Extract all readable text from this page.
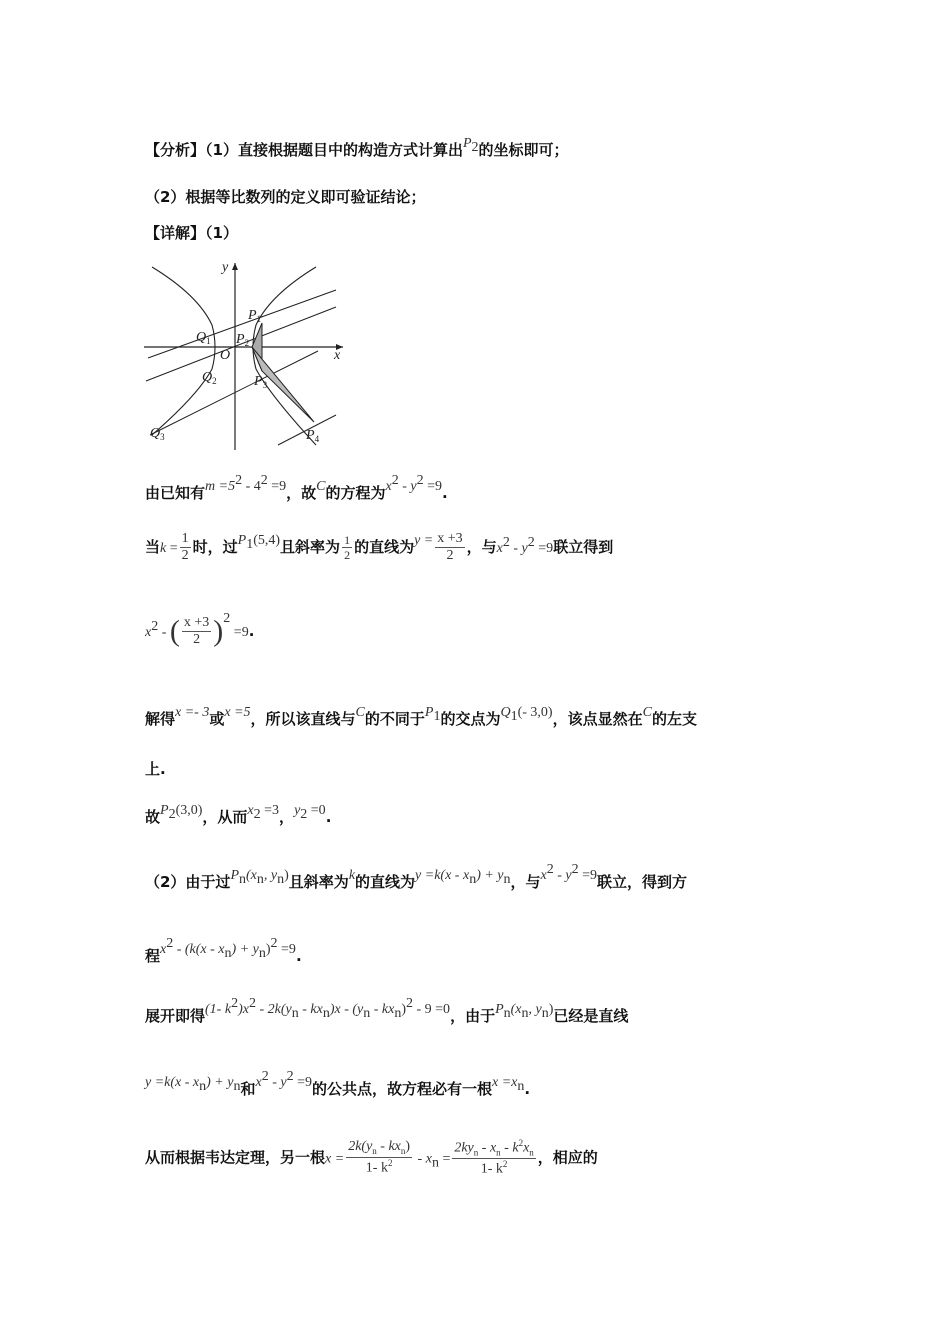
【分析】（1）直接根据题目中的构造方式计算出$P_2$的坐标即可；
（2）根据等比数列的定义即可验证结论；
【详解】（1）
y
x
O
$P_1$
$P_2$
$P_3$
$P_4$
$Q_1$
$Q_2$
$Q_3$
由已知有$m =5^2 - 4^2 =9$，故C的方程为$x^2 - y^2 =9$.
当$k = \frac{1}{2}$ 时，过$P_1(5,4)$且斜率为 $\frac{1}{2}$ 的直线为$y = \frac{x +3}{2}$ ，与$x^2 - y^2 =9$联立得到
$x^2$ - ( $\frac{x +3}{2} )^2 =9$.
解得x =- 3或x =5，所以该直线与C的不同于$P_1$的交点为$Q_1(-$ 3,0)，该点显然在C的左支
上.
故$P_2(3,0)$，从而$x_2 =3$，$y_2 =0$.
（2）由于过$P_n(x_n$, $y_n$)且斜率为k的直线为$y =k(x - x_n) + y_n$，与$x^2 - y^2 =9$联立，得到方
程$x^2 - (k(x - x_n) + y_n)^2 =9$.
展开即得(1- $k^2)x^2 - 2k(y_n - kx_n)x - (y_n - kx_n)^2 - 9 =0$，由于$P_n(x_n$, $y_n$)已经是直线
$y =k(x - x_n) + y_n$和$x^2 - y^2 =9$的公共点，故方程必有一根$x =x_n$.
从而根据韦达定理，另一根$x = \frac{2k(y_n - kx_n)}{1- k^2} - x_n = \frac{2ky_n - x_n - k^2x_n}{1- k^2}$ ，相应的
